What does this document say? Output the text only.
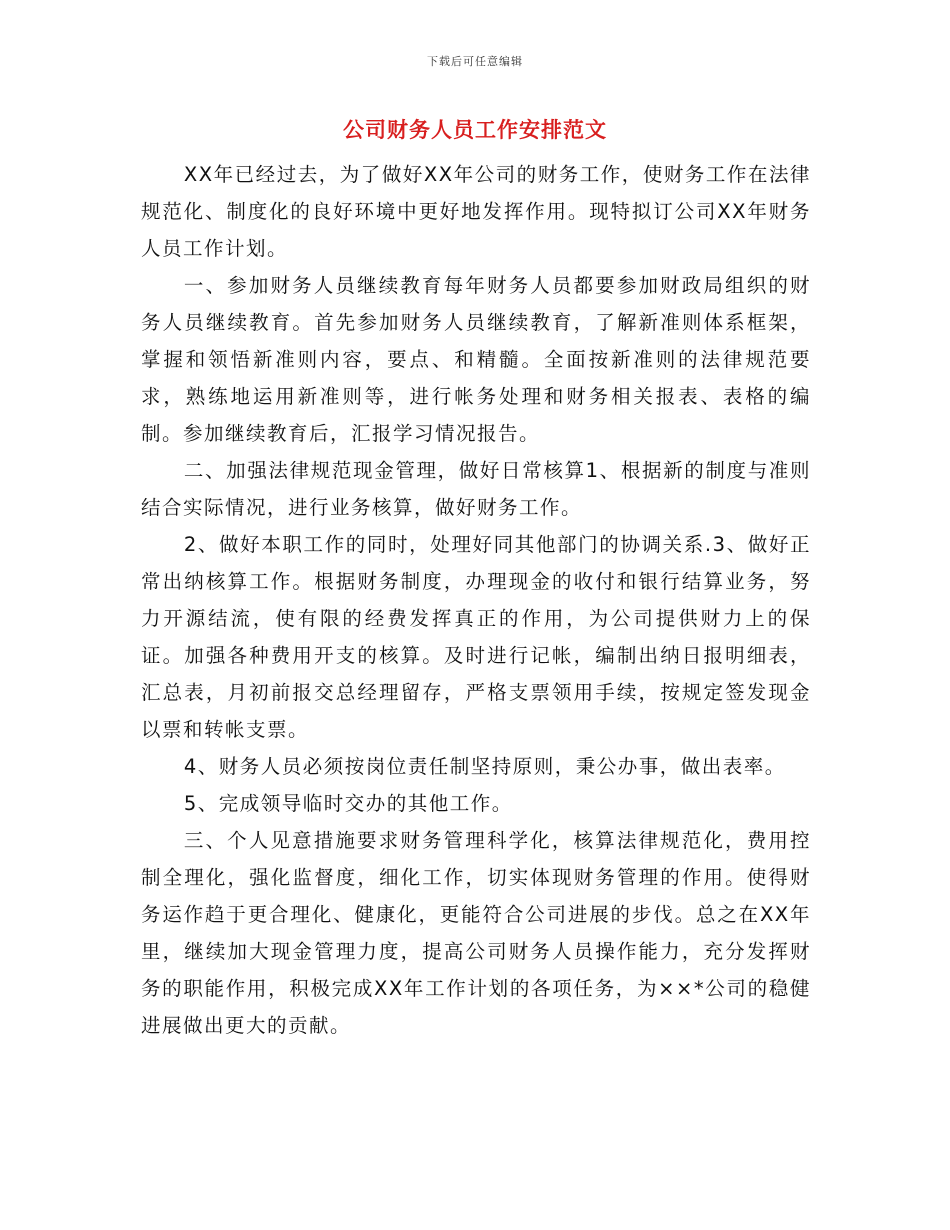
下载后可任意编辑
公司财务人员工作安排范文

XX年已经过去，为了做好XX年公司的财务工作，使财务工作在法律规范化、制度化的良好环境中更好地发挥作用。现特拟订公司XX年财务人员工作计划。

一、参加财务人员继续教育每年财务人员都要参加财政局组织的财务人员继续教育。首先参加财务人员继续教育，了解新准则体系框架，掌握和领悟新准则内容，要点、和精髓。全面按新准则的法律规范要求，熟练地运用新准则等，进行帐务处理和财务相关报表、表格的编制。参加继续教育后，汇报学习情况报告。

二、加强法律规范现金管理，做好日常核算1、根据新的制度与准则结合实际情况，进行业务核算，做好财务工作。

2、做好本职工作的同时，处理好同其他部门的协调关系.3、做好正常出纳核算工作。根据财务制度，办理现金的收付和银行结算业务，努力开源结流，使有限的经费发挥真正的作用，为公司提供财力上的保证。加强各种费用开支的核算。及时进行记帐，编制出纳日报明细表，汇总表，月初前报交总经理留存，严格支票领用手续，按规定签发现金以票和转帐支票。

4、财务人员必须按岗位责任制坚持原则，秉公办事，做出表率。

5、完成领导临时交办的其他工作。

三、个人见意措施要求财务管理科学化，核算法律规范化，费用控制全理化，强化监督度，细化工作，切实体现财务管理的作用。使得财务运作趋于更合理化、健康化，更能符合公司进展的步伐。总之在XX年里，继续加大现金管理力度，提高公司财务人员操作能力，充分发挥财务的职能作用，积极完成XX年工作计划的各项任务，为××*公司的稳健进展做出更大的贡献。
